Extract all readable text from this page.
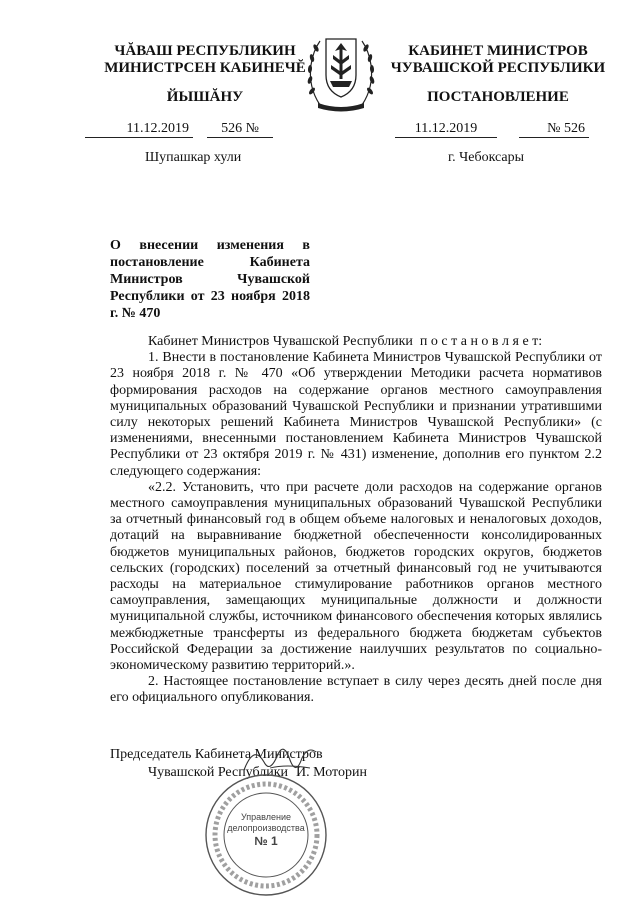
ЧĂВАШ РЕСПУБЛИКИН
МИНИСТРСЕН КАБИНЕЧĔ
ЙЫШĂНУ
11.12.2019	526 №
Шупашкар хули
КАБИНЕТ МИНИСТРОВ
ЧУВАШСКОЙ РЕСПУБЛИКИ
ПОСТАНОВЛЕНИЕ
11.12.2019	№ 526
г. Чебоксары
О внесении изменения в постановление Кабинета Министров Чувашской Республики от 23 ноября 2018 г. № 470

Кабинет Министров Чувашской Республики п о с т а н о в л я е т:

1. Внести в постановление Кабинета Министров Чувашской Республики от 23 ноября 2018 г. № 470 «Об утверждении Методики расчета нормативов формирования расходов на содержание органов местного самоуправления муниципальных образований Чувашской Республики и признании утратившими силу некоторых решений Кабинета Министров Чувашской Республики» (с изменениями, внесенными постановлением Кабинета Министров Чувашской Республики от 23 октября 2019 г. № 431) изменение, дополнив его пунктом 2.2 следующего содержания:

«2.2. Установить, что при расчете доли расходов на содержание органов местного самоуправления муниципальных образований Чувашской Республики за отчетный финансовый год в общем объеме налоговых и неналоговых доходов, дотаций на выравнивание бюджетной обеспеченности консолидированных бюджетов муниципальных районов, бюджетов городских округов, бюджетов сельских (городских) поселений за отчетный финансовый год не учитываются расходы на материальное стимулирование работников органов местного самоуправления, замещающих муниципальные должности и должности муниципальной службы, источником финансового обеспечения которых являлись межбюджетные трансферты из федерального бюджета бюджетам субъектов Российской Федерации за достижение наилучших результатов по социально-экономическому развитию территорий.».

2. Настоящее постановление вступает в силу через десять дней после дня его официального опубликования.

Председатель Кабинета Министров
Чувашской Республики И. Моторин
Управление
делопроизводства
№ 1
